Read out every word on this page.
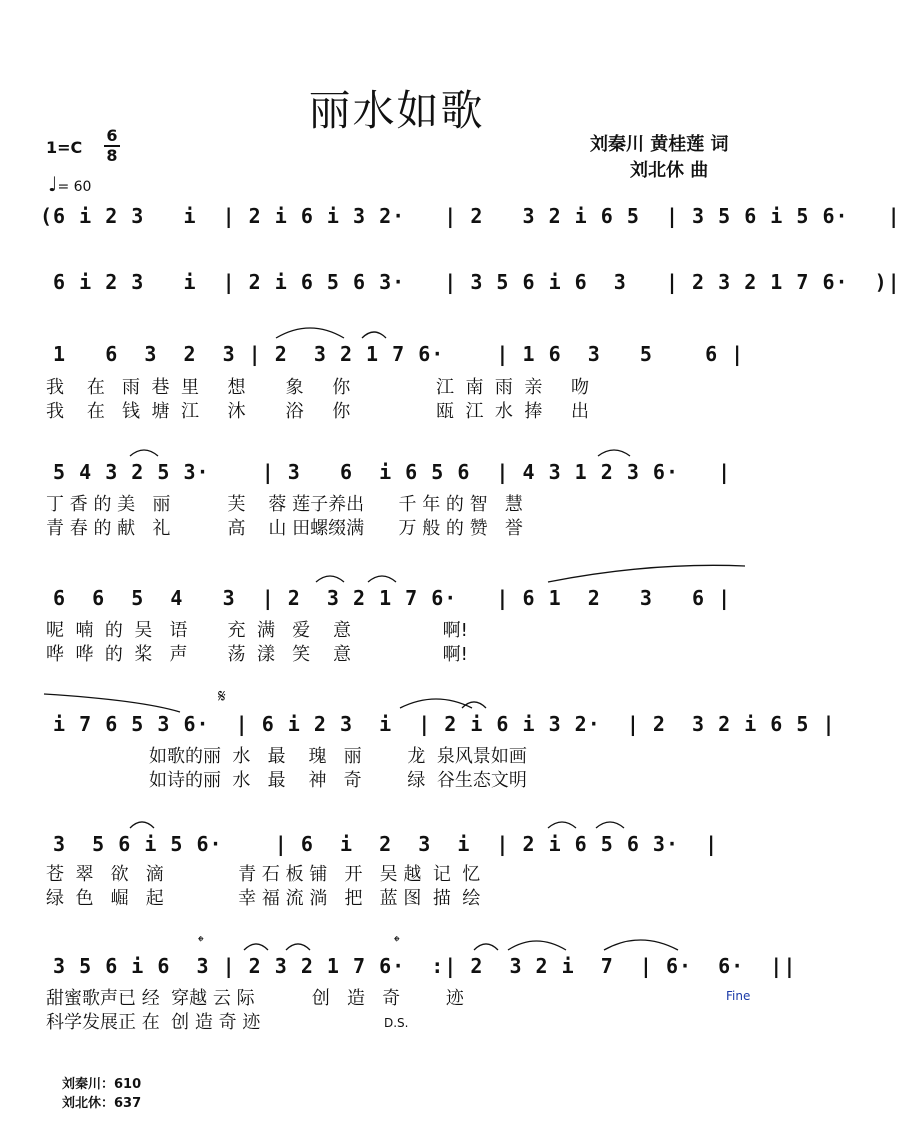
丽水如歌
刘秦川 黄桂莲 词
刘北休 曲
1=C
6
8
♩= 60
(6 i 2 3   i  | 2 i 6 i 3 2·   | 2   3 2 i 6 5  | 3 5 6 i 5 6·   |
6 i 2 3   i  | 2 i 6 5 6 3·   | 3 5 6 i 6  3   | 2 3 2 1 7 6·  )|
1   6  3  2  3 | 2  3 2 1 7 6·    | 1 6  3   5    6 |
我    在   雨  巷  里     想       象     你               江  南  雨  亲     吻
我    在   钱  塘  江     沐       浴     你               瓯  江  水  捧     出
5 4 3 2 5 3·    | 3   6  i 6 5 6  | 4 3 1 2 3 6·   |
丁 香 的 美   丽          芙    蓉 莲子养出      千 年 的 智   慧
青 春 的 献   礼          高    山 田螺缀满      万 般 的 赞   誉
6  6  5  4   3  | 2  3 2 1 7 6·   | 6 1  2   3   6 |
呢  喃  的  吴   语       充  满   爱    意                啊!
哗  哗  的  桨   声       荡  漾   笑    意                啊!
i 7 6 5 3 6·  | 6 i 2 3  i  | 2 i 6 i 3 2·  | 2  3 2 i 6 5 |
如歌的丽  水   最    瑰   丽        龙  泉风景如画
如诗的丽  水   最    神   奇        绿  谷生态文明
𝄋
3  5 6 i 5 6·    | 6  i  2  3  i  | 2 i 6 5 6 3·  |
苍  翠   欲   滴             青 石 板 铺   开   吴 越  记  忆
绿  色   崛   起             幸 福 流 淌   把   蓝 图  描  绘
3 5 6 i 6  3 | 2 3 2 1 7 6·  :| 2  3 2 i  7  | 6·  6·  ||
甜蜜歌声已 经  穿越 云 际          创   造   奇        迹
科学发展正 在  创 造 奇 迹
𝄌	𝄌
D.S.
Fine
刘秦川：610
刘北休：637
